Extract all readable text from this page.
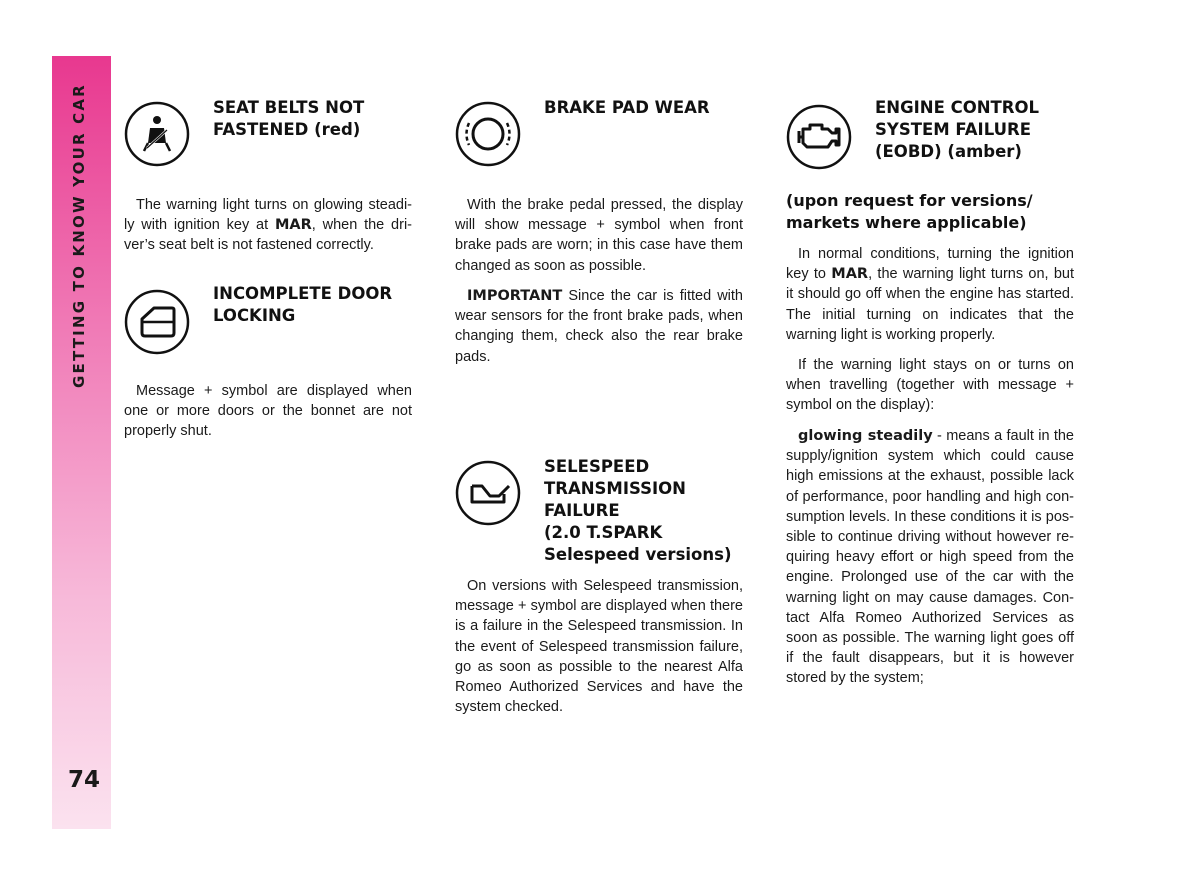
GETTING TO KNOW YOUR CAR
74
SEAT BELTS NOT
FASTENED (red)

The warning light turns on glowing steadi-ly with ignition key at MAR, when the dri-ver’s seat belt is not fastened correctly.

INCOMPLETE DOOR
LOCKING

Message + symbol are displayed when one or more doors or the bonnet are not properly shut.

BRAKE PAD WEAR

With the brake pedal pressed, the display will show message + symbol when front brake pads are worn; in this case have them changed as soon as possible.

IMPORTANT Since the car is fitted with wear sensors for the front brake pads, when changing them, check also the rear brake pads.

SELESPEED
TRANSMISSION
FAILURE
(2.0 T.SPARK
Selespeed versions)

On versions with Selespeed transmission, message + symbol are displayed when there is a failure in the Selespeed transmission. In the event of Selespeed transmission failure, go as soon as possible to the nearest Alfa Romeo Authorized Services and have the system checked.

ENGINE CONTROL
SYSTEM FAILURE
(EOBD) (amber)
(upon request for versions/
markets where applicable)

In normal conditions, turning the ignition key to MAR, the warning light turns on, but it should go off when the engine has started. The initial turning on indicates that the warning light is working properly.

If the warning light stays on or turns on when travelling (together with message + symbol on the display):

glowing steadily - means a fault in the supply/ignition system which could cause high emissions at the exhaust, possible lack of performance, poor handling and high con-sumption levels. In these conditions it is pos-sible to continue driving without however re-quiring heavy effort or high speed from the engine. Prolonged use of the car with the warning light on may cause damages. Con-tact Alfa Romeo Authorized Services as soon as possible. The warning light goes off if the fault disappears, but it is however stored by the system;
